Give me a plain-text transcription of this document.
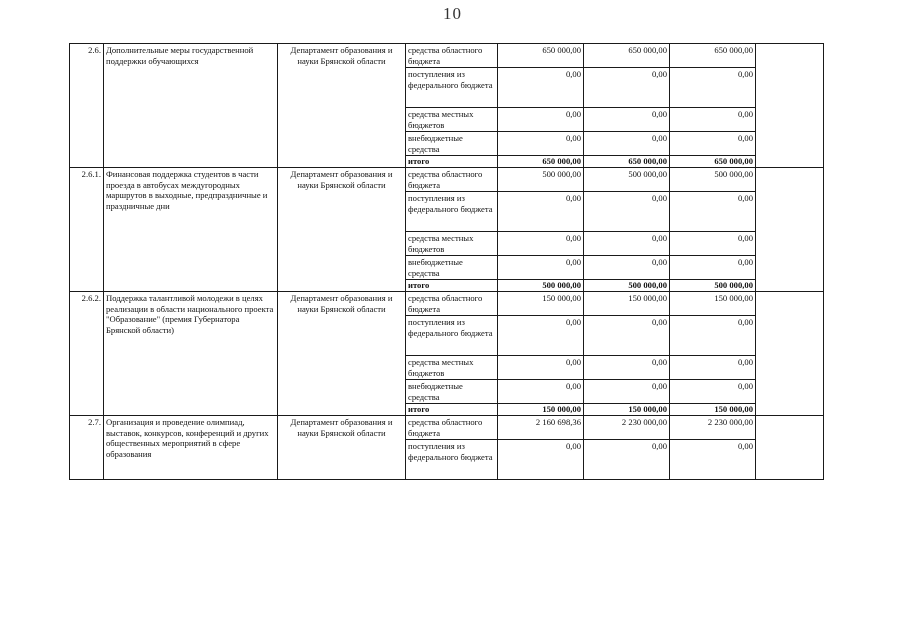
10
2.6.	Дополнительные меры государственной поддержки обучающихся	Департамент образования и науки Брянской области	средства областного бюджета	650 000,00	650 000,00	650 000,00	
			поступления из федерального бюджета	0,00	0,00	0,00	
			средства местных бюджетов	0,00	0,00	0,00	
			внебюджетные средства	0,00	0,00	0,00	
			итого	650 000,00	650 000,00	650 000,00	
2.6.1.	Финансовая поддержка студентов в части проезда в автобусах междугородных маршрутов в выходные, предпраздничные и праздничные дни	Департамент образования и науки Брянской области	средства областного бюджета	500 000,00	500 000,00	500 000,00	
			поступления из федерального бюджета	0,00	0,00	0,00	
			средства местных бюджетов	0,00	0,00	0,00	
			внебюджетные средства	0,00	0,00	0,00	
			итого	500 000,00	500 000,00	500 000,00	
2.6.2.	Поддержка талантливой молодежи в целях реализации в области национального проекта "Образование" (премия Губернатора Брянской области)	Департамент образования и науки Брянской области	средства областного бюджета	150 000,00	150 000,00	150 000,00	
			поступления из федерального бюджета	0,00	0,00	0,00	
			средства местных бюджетов	0,00	0,00	0,00	
			внебюджетные средства	0,00	0,00	0,00	
			итого	150 000,00	150 000,00	150 000,00	
2.7.	Организация и проведение олимпиад, выставок, конкурсов, конференций и других общественных мероприятий в сфере образования	Департамент образования и науки Брянской области	средства областного бюджета	2 160 698,36	2 230 000,00	2 230 000,00	
			поступления из федерального бюджета	0,00	0,00	0,00	
